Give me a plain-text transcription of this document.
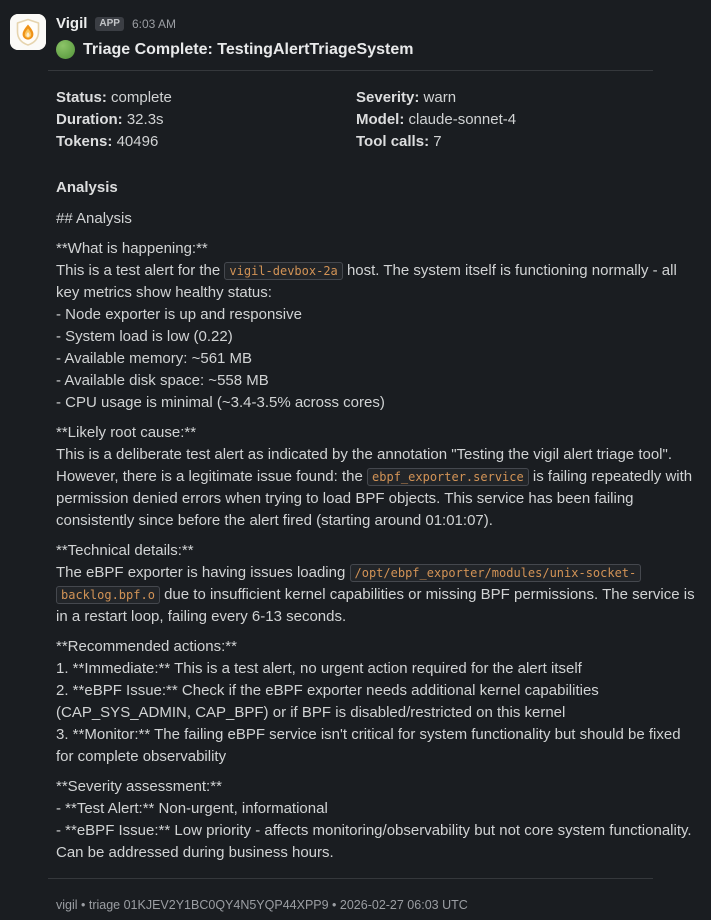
Vigil	APP	6:03 AM
Triage Complete: TestingAlertTriageSystem
Status: complete	Severity: warn
Duration: 32.3s	Model: claude-sonnet-4
Tokens: 40496	Tool calls: 7
Analysis
## Analysis
**What is happening:**
This is a test alert for the vigil-devbox-2a host. The system itself is functioning normally - all key metrics show healthy status:
- Node exporter is up and responsive
- System load is low (0.22)
- Available memory: ~561 MB
- Available disk space: ~558 MB
- CPU usage is minimal (~3.4-3.5% across cores)
**Likely root cause:**
This is a deliberate test alert as indicated by the annotation "Testing the vigil alert triage tool". However, there is a legitimate issue found: the ebpf_exporter.service is failing repeatedly with permission denied errors when trying to load BPF objects. This service has been failing consistently since before the alert fired (starting around 01:01:07).
**Technical details:**
The eBPF exporter is having issues loading /opt/ebpf_exporter/modules/unix-socket-backlog.bpf.o due to insufficient kernel capabilities or missing BPF permissions. The service is in a restart loop, failing every 6-13 seconds.
**Recommended actions:**
1. **Immediate:** This is a test alert, no urgent action required for the alert itself
2. **eBPF Issue:** Check if the eBPF exporter needs additional kernel capabilities (CAP_SYS_ADMIN, CAP_BPF) or if BPF is disabled/restricted on this kernel
3. **Monitor:** The failing eBPF service isn't critical for system functionality but should be fixed for complete observability
**Severity assessment:**
- **Test Alert:** Non-urgent, informational
- **eBPF Issue:** Low priority - affects monitoring/observability but not core system functionality. Can be addressed during business hours.
vigil • triage 01KJEV2Y1BC0QY4N5YQP44XPP9 • 2026-02-27 06:03 UTC
